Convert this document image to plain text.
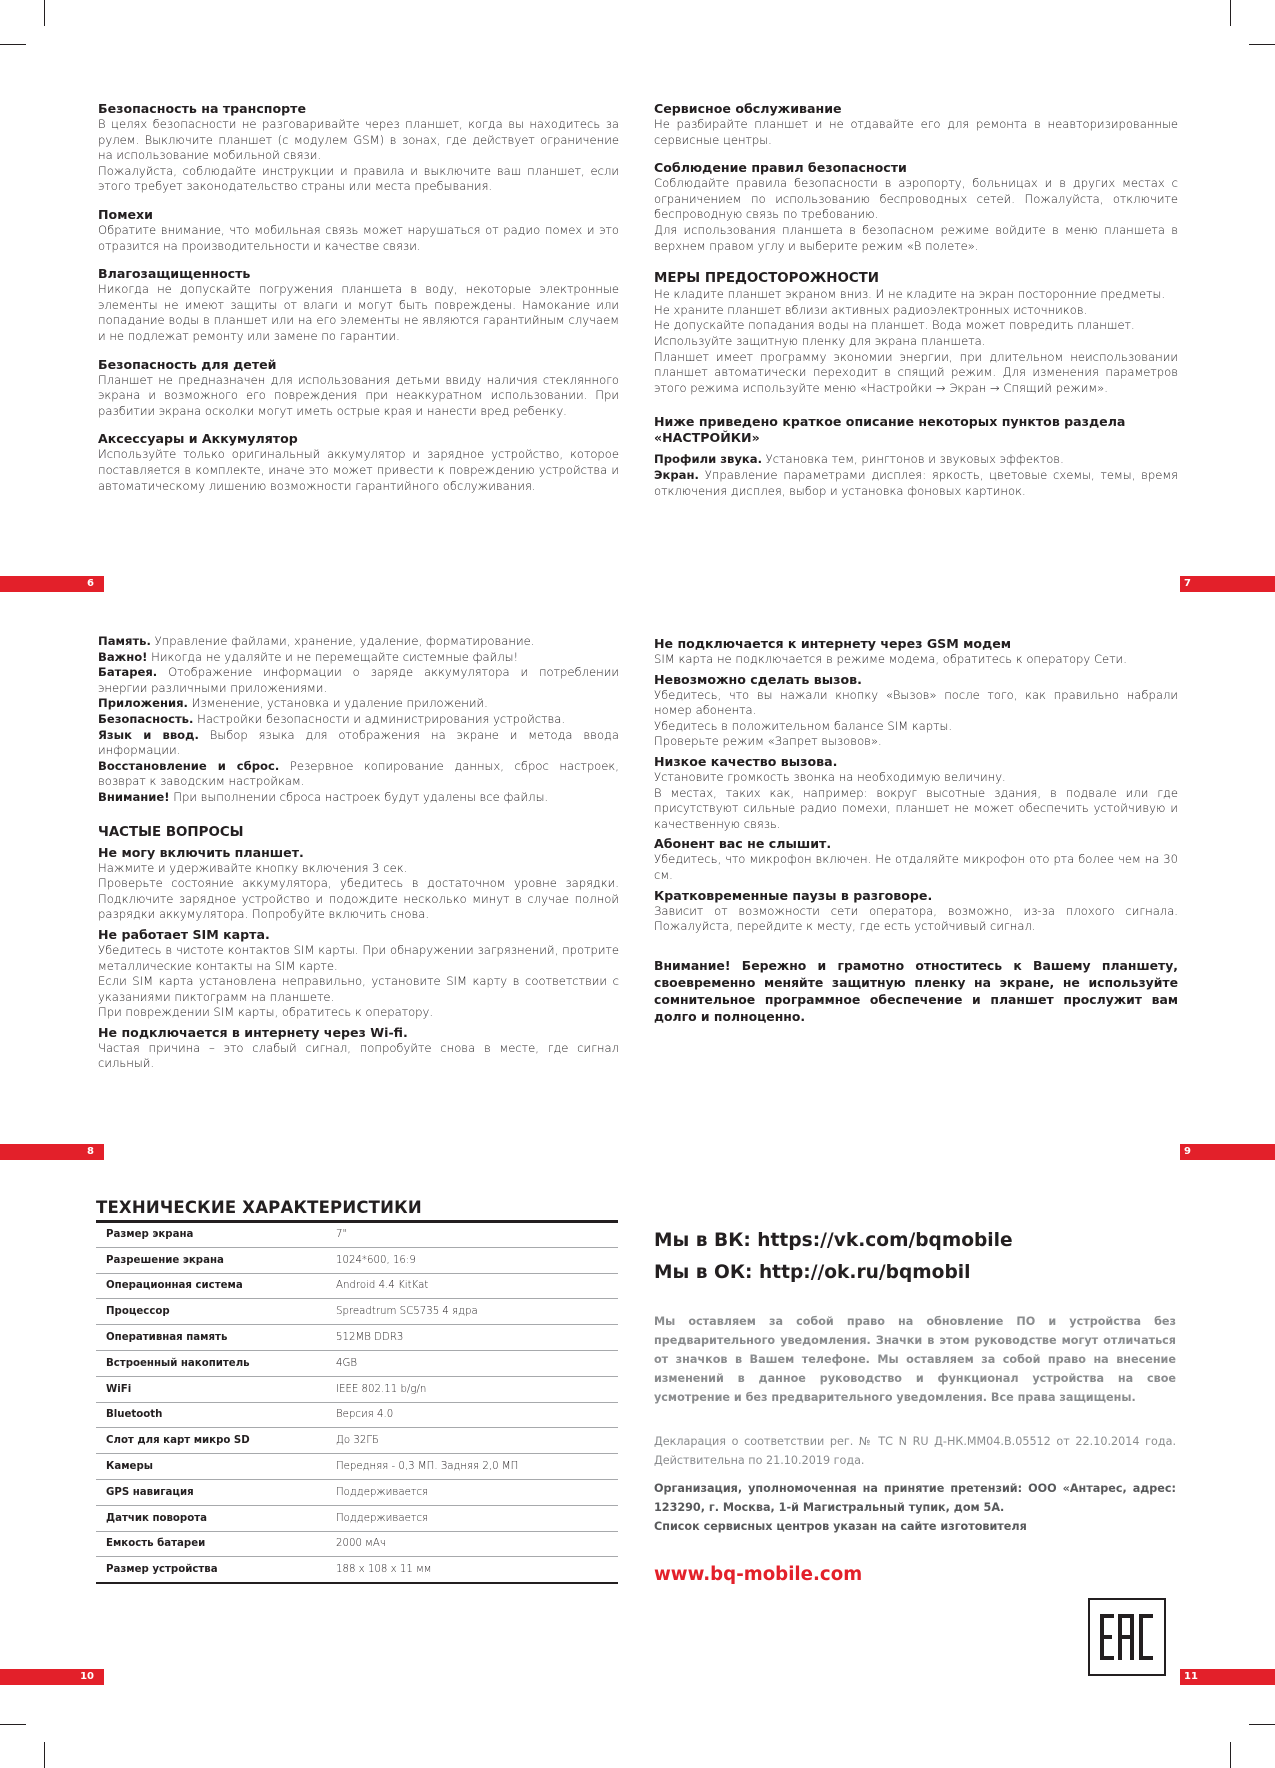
Безопасность на транспорте

В целях безопасности не разговаривайте через планшет, когда вы находитесь за рулем. Выключите планшет (с модулем GSM) в зонах, где действует ограничение на использование мобильной связи.

Пожалуйста, соблюдайте инструкции и правила и выключите ваш планшет, если этого требует законодательство страны или места пребывания.

Помехи

Обратите внимание, что мобильная связь может нарушаться от радио помех и это отразится на производительности и качестве связи.

Влагозащищенность

Никогда не допускайте погружения планшета в воду, некоторые электронные элементы не имеют защиты от влаги и могут быть повреждены. Намокание или попадание воды в планшет или на его элементы не являются гарантийным случаем и не подлежат ремонту или замене по гарантии.

Безопасность для детей

Планшет не предназначен для использования детьми ввиду наличия стеклянного экрана и возможного его повреждения при неаккуратном использовании. При разбитии экрана осколки могут иметь острые края и нанести вред ребенку.

Аксессуары и Аккумулятор

Используйте только оригинальный аккумулятор и зарядное устройство, которое поставляется в комплекте, иначе это может привести к повреждению устройства и автоматическому лишению возможности гарантийного обслуживания.

6
Сервисное обслуживание

Не разбирайте планшет и не отдавайте его для ремонта в неавторизированные сервисные центры.

Соблюдение правил безопасности

Соблюдайте правила безопасности в аэропорту, больницах и в других местах с ограничением по использованию беспроводных сетей. Пожалуйста, отключите беспроводную связь по требованию.

Для использования планшета в безопасном режиме войдите в меню планшета в верхнем правом углу и выберите режим «В полете».

МЕРЫ ПРЕДОСТОРОЖНОСТИ

Не кладите планшет экраном вниз. И не кладите на экран посторонние предметы.

Не храните планшет вблизи активных радиоэлектронных источников.

Не допускайте попадания воды на планшет. Вода может повредить планшет.

Используйте защитную пленку для экрана планшета.

Планшет имеет программу экономии энергии, при длительном неиспользовании планшет автоматически переходит в спящий режим. Для изменения параметров этого режима используйте меню «Настройки → Экран → Спящий режим».

Ниже приведено краткое описание некоторых пунктов раздела «НАСТРОЙКИ»

Профили звука. Установка тем, рингтонов и звуковых эффектов.

Экран. Управление параметрами дисплея: яркость, цветовые схемы, темы, время отключения дисплея, выбор и установка фоновых картинок.

7

Память. Управление файлами, хранение, удаление, форматирование.

Важно! Никогда не удаляйте и не перемещайте системные файлы!

Батарея. Отображение информации о заряде аккумулятора и потреблении энергии различными приложениями.

Приложения. Изменение, установка и удаление приложений.

Безопасность. Настройки безопасности и администрирования устройства.

Язык и ввод. Выбор языка для отображения на экране и метода ввода информации.

Восстановление и сброс. Резервное копирование данных, сброс настроек, возврат к заводским настройкам.

Внимание! При выполнении сброса настроек будут удалены все файлы.

ЧАСТЫЕ ВОПРОСЫ
Не могу включить планшет.

Нажмите и удерживайте кнопку включения 3 сек.

Проверьте состояние аккумулятора, убедитесь в достаточном уровне зарядки. Подключите зарядное устройство и подождите несколько минут в случае полной разрядки аккумулятора. Попробуйте включить снова.

Не работает SIM карта.

Убедитесь в чистоте контактов SIM карты. При обнаружении загрязнений, протрите металлические контакты на SIM карте.

Если SIM карта установлена неправильно, установите SIM карту в соответствии с указаниями пиктограмм на планшете.

При повреждении SIM карты, обратитесь к оператору.

Не подключается в интернету через Wi-fi.

Частая причина – это слабый сигнал, попробуйте снова в месте, где сигнал сильный.

8
Не подключается к интернету через GSM модем

SIM карта не подключается в режиме модема, обратитесь к оператору Сети.

Невозможно сделать вызов.

Убедитесь, что вы нажали кнопку «Вызов» после того, как правильно набрали номер абонента.

Убедитесь в положительном балансе SIM карты.

Проверьте режим «Запрет вызовов».

Низкое качество вызова.

Установите громкость звонка на необходимую величину.

В местах, таких как, например: вокруг высотные здания, в подвале или где присутствуют сильные радио помехи, планшет не может обеспечить устойчивую и качественную связь.

Абонент вас не слышит.

Убедитесь, что микрофон включен. Не отдаляйте микрофон ото рта более чем на 30 см.

Кратковременные паузы в разговоре.

Зависит от возможности сети оператора, возможно, из-за плохого сигнала. Пожалуйста, перейдите к месту, где есть устойчивый сигнал.

Внимание! Бережно и грамотно отноститесь к Вашему планшету, своевременно меняйте защитную пленку на экране, не используйте сомнительное программное обеспечение и планшет прослужит вам долго и полноценно.

9
ТЕХНИЧЕСКИЕ ХАРАКТЕРИСТИКИ
Размер экрана	7"
Разрешение экрана	1024*600, 16:9
Операционная система	Android 4.4 KitKat
Процессор	Spreadtrum SC5735 4 ядра
Оперативная память	512MB DDR3
Встроенный накопитель	4GB
WiFi	IEEE 802.11 b/g/n
Bluetooth	Версия 4.0
Слот для карт микро SD	До 32ГБ
Камеры	Передняя - 0,3 МП. Задняя 2,0 МП
GPS навигация	Поддерживается
Датчик поворота	Поддерживается
Емкость батареи	2000 мАч
Размер устройства	188 x 108 x 11 мм
10
Мы в ВК: https://vk.com/bqmobile
Мы в ОК: http://ok.ru/bqmobil
Мы оставляем за собой право на обновление ПО и устройства без предварительного уведомления. Значки в этом руководстве могут отличаться от значков в Вашем телефоне. Мы оставляем за собой право на внесение изменений в данное руководство и функционал устройства на свое усмотрение и без предварительного уведомления. Все права защищены.
Декларация о соответствии рег. № ТС N RU Д-НК.ММ04.В.05512 от 22.10.2014 года. Действительна по 21.10.2019 года.
Организация, уполномоченная на принятие претензий: ООО «Антарес, адрес: 123290, г. Москва, 1-й Магистральный тупик, дом 5А.
Список сервисных центров указан на сайте изготовителя
www.bq-mobile.com
11
